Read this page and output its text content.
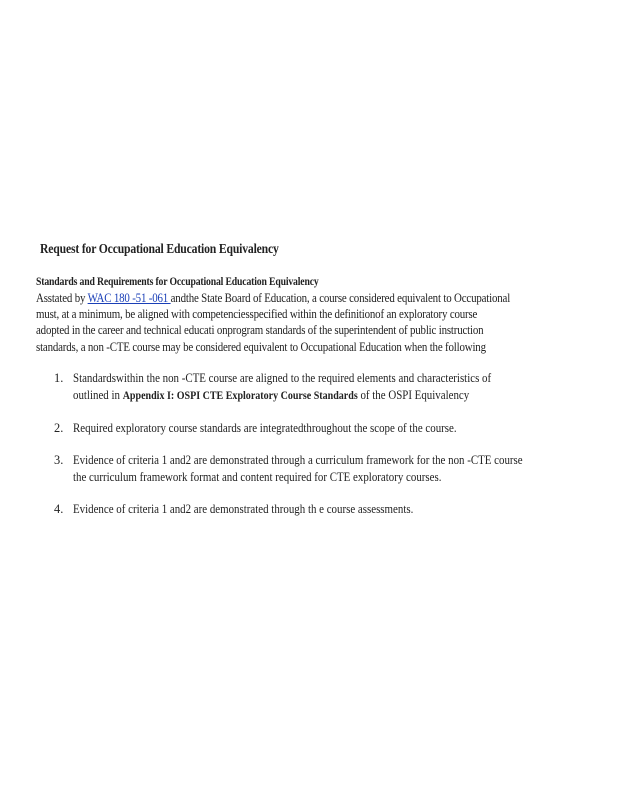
Request for Occupational Education Equivalency
Standards and Requirements for Occupational Education Equivalency
Asstated by WAC 180 -51 -061 andthe State Board of Education, a course considered equivalent to Occupational
must, at a minimum, be aligned with competenciesspecified within the definitionof an exploratory course
adopted in the career and technical educati onprogram standards of the superintendent of public instruction
standards, a non -CTE course may be considered equivalent to Occupational Education when the following
1. Standardswithin the non -CTE course are aligned to the required elements and characteristics of
outlined in Appendix I: OSPI CTE Exploratory Course Standards of the OSPI Equivalency
2. Required exploratory course standards are integratedthroughout the scope of the course.
3. Evidence of criteria 1 and2 are demonstrated through a curriculum framework for the non -CTE course
the curriculum framework format and content required for CTE exploratory courses.
4. Evidence of criteria 1 and2 are demonstrated through th e course assessments.
